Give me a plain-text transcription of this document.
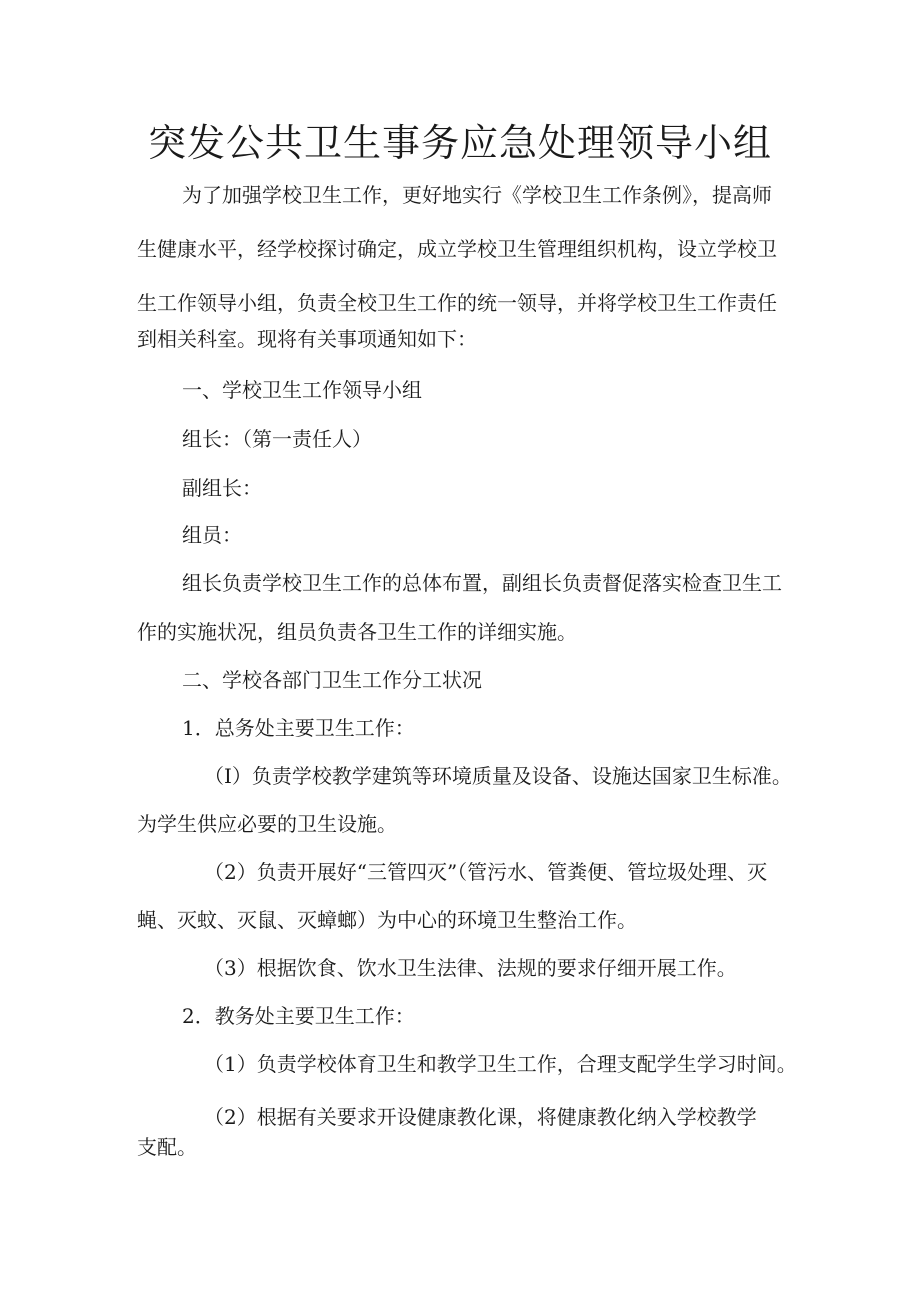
突发公共卫生事务应急处理领导小组

为了加强学校卫生工作，更好地实行《学校卫生工作条例》，提高师

生健康水平，经学校探讨确定，成立学校卫生管理组织机构，设立学校卫

生工作领导小组，负责全校卫生工作的统一领导，并将学校卫生工作责任

到相关科室。现将有关事项通知如下：

一、学校卫生工作领导小组

组长：（第一责任人）

副组长：

组员：

组长负责学校卫生工作的总体布置，副组长负责督促落实检查卫生工

作的实施状况，组员负责各卫生工作的详细实施。

二、学校各部门卫生工作分工状况

1．总务处主要卫生工作：

（I）负责学校教学建筑等环境质量及设备、设施达国家卫生标准。

为学生供应必要的卫生设施。

（2）负责开展好“三管四灭”（管污水、管粪便、管垃圾处理、灭

蝇、灭蚊、灭鼠、灭蟑螂）为中心的环境卫生整治工作。

（3）根据饮食、饮水卫生法律、法规的要求仔细开展工作。

2．教务处主要卫生工作：

（1）负责学校体育卫生和教学卫生工作，合理支配学生学习时间。

（2）根据有关要求开设健康教化课，将健康教化纳入学校教学

支配。
